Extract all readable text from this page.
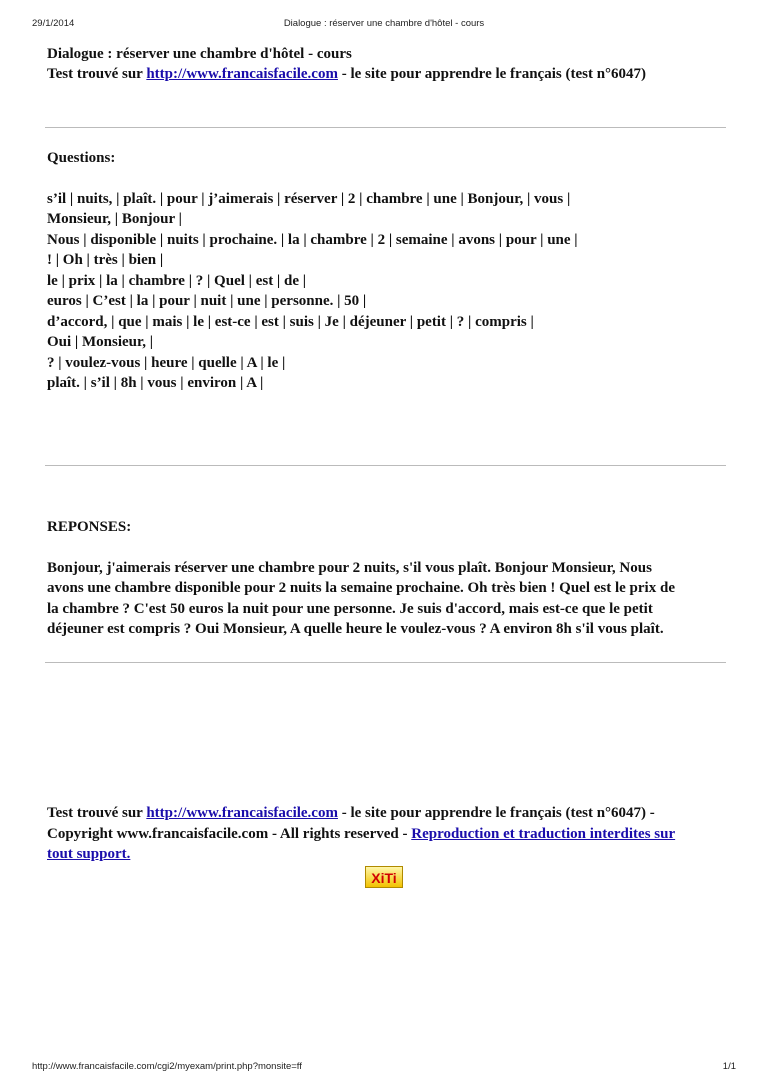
29/1/2014	Dialogue : réserver une chambre d'hôtel - cours
Dialogue : réserver une chambre d'hôtel - cours
Test trouvé sur http://www.francaisfacile.com - le site pour apprendre le français (test n°6047)
Questions:
s’il | nuits, | plaît. | pour | j’aimerais | réserver | 2 | chambre | une | Bonjour, | vous |
Monsieur, | Bonjour |
Nous | disponible | nuits | prochaine. | la | chambre | 2 | semaine | avons | pour | une |
! | Oh | très | bien |
le | prix | la | chambre | ? | Quel | est | de |
euros | C’est | la | pour | nuit | une | personne. | 50 |
d’accord, | que | mais | le | est-ce | est | suis | Je | déjeuner | petit | ? | compris |
Oui | Monsieur, |
? | voulez-vous | heure | quelle | A | le |
plaît. | s’il | 8h | vous | environ | A |
REPONSES:
Bonjour, j'aimerais réserver une chambre pour 2 nuits, s'il vous plaît. Bonjour Monsieur, Nous
avons une chambre disponible pour 2 nuits la semaine prochaine. Oh très bien ! Quel est le prix de
la chambre ? C'est 50 euros la nuit pour une personne. Je suis d'accord, mais est-ce que le petit
déjeuner est compris ? Oui Monsieur, A quelle heure le voulez-vous ? A environ 8h s'il vous plaît.
Test trouvé sur http://www.francaisfacile.com - le site pour apprendre le français (test n°6047) -
Copyright www.francaisfacile.com - All rights reserved - Reproduction et traduction interdites sur
tout support.
XiTi
http://www.francaisfacile.com/cgi2/myexam/print.php?monsite=ff	1/1
